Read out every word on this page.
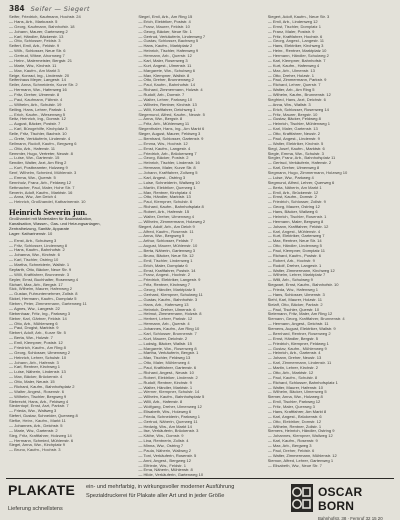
384 Seifer — Siegert
Seifer, Friedrich, Kaufmann, Hochstr. 24
— Hans, Arb., Markusstr. 5
— Georg, Kaufmann, Bahnhofstr. 18
— Johann, Maurer, Gartenweg 2
— Karl, Händler, Bäckerstr. 13
— Otto, Schlosser, Feldstr. 3
Seifert, Emil, Arb., Feldstr. 9
— Wilh., Schlosser, Neue Str. 6
— Gertrud, Witwe, Ahornweg 7
— Heinr., Malermeister, Bergstr. 21
— Marie, Ww., Kirchstr. 11
— Max, Kaufm., Am Markt 3
Seige, Konrad, Ing., Lindenstr. 20
Seifenhaus Meyer, Langestr. 14
Seiler, Anna, Schneiderin, Kurze Str. 2
— Hermann, Ww., Hafenweg 16
— Fritz, Dreher, Ulmenstr. 8
— Paul, Kaufmann, Fährstr. 4
— Wilhelm, Arb., Schulstr. 19
Seiling, Hans, Lehrer, Parkstr. 1
— Erich, Kaufm., Wiesenweg 5
Seitz, Heinrich, Ing., Domstr. 12
— August, Bäcker, Poststr. 7
— Karl, Bürogehilfe, Kirchplatz 3
Selle, Fritz, Tischler, Bachstr. 10
— Grete, Verkäuferin, Lindenstr. 4
Sellmann, Rudolf, Kaufm., Bergweg 6
— Otto, Arb., Hafenstr. 11
Semmler, Hugo, Vertreter, Neustr. 8
— Luise, Ww., Gartenstr. 15
Sendler, Walter, Arzt, Am Ring 2
— Kurt, Postbeamter, Holzweg 9
Senf, Wilhelm, Schmied, Mühlenstr. 3
— Emma, Ww., Querstr. 5
Sennholz, Franz, Arb., Feldweg 12
Settmacher, Paul, Maler, Hohe Str. 7
Severin, Adolf, Kaufm., Marktstr. 16
— Anna, Ww., Am Deich 4
— Heinrich, Großhandel, Katharinenstr. 10
Heinrich Severin jun.
Großhandel mit Materialien für Bauinstallation,
Kanalisation, Wasser-, Gas- und Heizungsanlagen,
Zentralheizung, Sanitär, Apparate
Lager: Katharinenstr. 10
— Ernst, Arb., Schulweg 3
— Fritz, Schlosser, Lindenweg 8
— Hans, Kaufm., Bahnhofstr. 2
— Johanna, Ww., Kirchstr. 6
— Karl, Tischler, Ostring 10
— Martha, Schneiderin, Wallstr. 1
Seyfarth, Otto, Bäcker, Neue Str. 9
— Willi, Kraftfahrer, Brunnenstr. 3
Seyler, Ernst, Buchhalter, Rosenweg 4
Sichart, Max, Arb., Bergstr. 17
Sick, Wilhelm, Maurer, Hafenweg 2
— Gustav, Fuhrunternehmer, Zollstr. 8
Sickel, Hermann, Kaufm., Domplatz 5
Sieben, Peter, Zimmermann, Gartenweg 11
— Agnes, Ww., Langestr. 22
Siebenhaar, Fritz, Ing., Parkweg 3
Sieber, Karl, Gärtner, Feldstr. 14
— Otto, Arb., Mühlenweg 6
— Paul, Drogist, Marktstr. 9
Siebert, Adolf, Arb., Kurze Str. 5
— Berta, Ww., Holzstr. 7
— Emil, Klempner, Poststr. 12
— Friedrich, Kaufm., Am Ring 8
— Georg, Schlosser, Ulmenweg 2
— Heinrich, Lehrer, Schulstr. 10
— Johann, Arb., Hafenstr. 3
— Karl, Rentner, Kirchweg 1
— Luise, Näherin, Lindenstr. 13
— Max, Bäcker, Brückenstr. 4
— Otto, Maler, Neustr. 15
— Richard, Kaufm., Bahnhofsplatz 2
— Walter, Angest., Rosenstr. 6
— Wilhelm, Tischler, Bergweg 9
Siebrecht, Hans, Arb., Feldweg 4
Siedentopf, Ernst, Arzt, Parkstr. 7
— Frieda, Ww., Wallweg 3
Siefert, Gustav, Schneider, Querweg 8
Siefke, Heinr., Kaufm., Markt 11
— Johannes, Arb., Deichstr. 5
— Marie, Ww., Gartenstr. 2
Sieg, Fritz, Kraftfahrer, Holzweg 14
— Hermann, Schmied, Mühlenstr. 6
Siegel, Anna, Ww., Kirchplatz 9
— Bruno, Kaufm., Hochstr. 3
Siegel, Emil, Arb., Am Ring 15
— Erich, Elektriker, Poststr. 4
— Franz, Maurer, Feldstr. 10
— Georg, Bäcker, Neue Str. 1
— Gertrud, Verkäuferin, Lindenweg 7
— Gustav, Schlosser, Bachweg 5
— Hans, Kaufm., Marktplatz 2
— Heinrich, Tischler, Hafenweg 9
— Hermann, Arb., Querstr. 12
— Karl, Maler, Rosenweg 3
— Kurt, Angest., Ulmenstr. 11
— Margarete, Ww., Schulweg 6
— Max, Klempner, Wallstr. 8
— Otto, Dreher, Brunnenweg 2
— Paul, Kaufm., Bahnhofstr. 14
— Richard, Zimmermann, Holzstr. 4
— Rudolf, Arb., Domstr. 7
— Walter, Lehrer, Parkweg 10
— Wilhelm, Rentner, Kirchstr. 13
— Willi, Kraftfahrer, Deichweg 1
Siegemund, Alfred, Kaufm., Neustr. 5
— Anna, Ww., Bergstr. 8
— Fritz, Arb., Mühlenweg 11
Siegenthaler, Hans, Ing., Am Markt 6
Sieger, August, Maurer, Feldweg 3
— Bernhard, Schlosser, Gartenstr. 9
— Emma, Ww., Hochstr. 12
— Ernst, Kaufm., Langestr. 4
— Friedrich, Arb., Brückenweg 7
— Georg, Bäcker, Poststr. 2
— Heinrich, Tischler, Lindenstr. 16
— Hermann, Maler, Kurze Str. 8
— Johann, Kraftfahrer, Zollweg 5
— Karl, Angest., Ostring 3
— Luise, Schneiderin, Wallweg 10
— Martin, Elektriker, Querweg 1
— Max, Rentner, Kirchplatz 4
— Otto, Händler, Marktstr. 13
— Paul, Klempner, Schulstr. 6
— Richard, Kaufm., Bahnhofsplatz 8
— Robert, Arb., Hafenstr. 15
— Walter, Dreher, Ulmenweg 4
— Wilhelm, Zimmermann, Holzweg 2
Siegert, Adolf, Arb., Am Deich 9
— Alfred, Kaufm., Rosenstr. 11
— Anna, Ww., Bergweg 5
— Arthur, Schlosser, Feldstr. 7
— August, Maurer, Mühlenstr. 10
— Berta, Näherin, Gartenweg 3
— Bruno, Bäcker, Neue Str. 12
— Emil, Tischler, Lindenweg 1
— Erich, Maler, Domplatz 6
— Ernst, Kraftfahrer, Poststr. 14
— Franz, Angest., Hochstr. 2
— Friedrich, Elektriker, Langestr. 9
— Fritz, Rentner, Kirchweg 7
— Georg, Händler, Marktplatz 5
— Gerhard, Klempner, Schulweg 11
— Gustav, Kaufm., Bahnhofstr. 3
— Hans, Arb., Hafenweg 13
— Heinrich, Dreher, Ulmenstr. 6
— Helmut, Zimmermann, Holzstr. 8
— Herbert, Lehrer, Parkstr. 12
— Hermann, Arb., Querstr. 4
— Johannes, Kaufm., Am Ring 10
— Karl, Schlosser, Brunnenstr. 7
— Kurt, Maurer, Deichstr. 2
— Ludwig, Bäcker, Wallstr. 15
— Margarete, Ww., Rosenweg 8
— Martha, Verkäuferin, Bergstr. 1
— Max, Tischler, Feldweg 13
— Otto, Maler, Mühlenweg 4
— Paul, Kraftfahrer, Gartenstr. 6
— Richard, Angest., Neustr. 10
— Robert, Elektriker, Lindenstr. 2
— Rudolf, Rentner, Kirchstr. 9
— Walter, Händler, Marktstr. 1
— Werner, Klempner, Schulstr. 14
— Wilhelm, Kaufm., Bahnhofsplatz 5
— Willi, Arb., Hafenstr. 8
— Wolfgang, Dreher, Ulmenweg 12
— Elisabeth, Ww., Holzweg 6
— Frieda, Schneiderin, Parkweg 1
— Gertrud, Näherin, Querweg 11
— Hedwig, Ww., Am Markt 14
— Ilse, Verkäuferin, Brückenstr. 3
— Käthe, Ww., Domstr. 9
— Lina, Rentnerin, Zollstr. 4
— Minna, Ww., Ostring 7
— Paula, Näherin, Wallweg 2
— Toni, Verkäuferin, Rosenstr. 5
— Anni, Angest., Bergweg 12
— Elfriede, Ww., Feldstr. 1
— Erna, Näherin, Mühlenstr. 8
— Hilde, Verkäuferin, Gartenweg 10
Siegert, Adolf, Kaufm., Neue Str. 3
— Emil, Arb., Lindenweg 12
— Ernst, Tischler, Domplatz 1
— Franz, Maler, Poststr. 9
— Fritz, Kraftfahrer, Hochstr. 6
— Georg, Angest., Langestr. 11
— Hans, Elektriker, Kirchweg 3
— Heinr., Rentner, Marktplatz 10
— Hermann, Händler, Schulweg 2
— Karl, Klempner, Bahnhofstr. 7
— Kurt, Kaufm., Hafenweg 4
— Max, Arb., Ulmenstr. 13
— Otto, Dreher, Holzstr. 1
— Paul, Zimmermann, Parkstr. 9
— Richard, Lehrer, Querstr. 7
— Walter, Arb., Am Ring 5
— Wilhelm, Kaufm., Brunnenstr. 12
Siegfried, Hans, Arzt, Deichstr. 6
— Anna, Ww., Wallstr. 3
— Erich, Schlosser, Rosenweg 14
— Fritz, Maurer, Bergstr. 10
— Gustav, Bäcker, Feldweg 8
— Heinrich, Tischler, Mühlenweg 1
— Karl, Maler, Gartenstr. 13
— Otto, Kraftfahrer, Neustr. 2
— Paul, Angest., Lindenstr. 9
— Walter, Elektriker, Kirchstr. 5
Siegl, Josef, Kaufm., Marktstr. 6
Siegle, Emma, Ww., Schulstr. 3
Siegler, Franz, Arb., Bahnhofsplatz 11
— Gertrud, Verkäuferin, Hafenstr. 2
— Karl, Dreher, Ulmenweg 8
Siegmann, Hugo, Zimmermann, Holzweg 10
— Luise, Ww., Parkweg 4
Siegmund, Alfred, Lehrer, Querweg 6
— Berta, Näherin, Am Markt 1
— Emil, Arb., Brückenstr. 12
— Ernst, Kaufm., Domstr. 2
— Friedrich, Schlosser, Zollstr. 9
— Georg, Maurer, Ostring 12
— Hans, Bäcker, Wallweg 6
— Heinrich, Tischler, Rosenstr. 1
— Hermann, Maler, Bergweg 8
— Johann, Kraftfahrer, Feldstr. 12
— Karl, Angest., Mühlenstr. 4
— Kurt, Elektriker, Gartenweg 7
— Max, Rentner, Neue Str. 14
— Otto, Händler, Lindenweg 5
— Paul, Klempner, Domplatz 11
— Richard, Kaufm., Poststr. 6
— Robert, Arb., Hochstr. 9
— Rudolf, Dreher, Langestr. 1
— Walter, Zimmermann, Kirchweg 12
— Wilhelm, Lehrer, Marktplatz 7
— Willi, Arb., Schulweg 9
Siegwart, Ernst, Kaufm., Bahnhofstr. 10
— Frieda, Ww., Hafenweg 1
— Hans, Schlosser, Ulmenstr. 3
Siehl, Karl, Maurer, Holzstr. 11
Sielaff, Otto, Bäcker, Parkstr. 2
— Paul, Tischler, Querstr. 10
Sielemann, Fritz, Maler, Am Ring 12
Siemann, Georg, Kraftfahrer, Brunnenstr. 4
— Hermann, Angest., Deichstr. 11
Siemens, August, Elektriker, Wallstr. 9
— Bernhard, Rentner, Rosenweg 2
— Ernst, Händler, Bergstr. 5
— Friedrich, Klempner, Feldweg 1
— Gustav, Kaufm., Mühlenweg 9
— Heinrich, Arb., Gartenstr. 4
— Johann, Dreher, Neustr. 13
— Karl, Zimmermann, Lindenstr. 11
— Martin, Lehrer, Kirchstr. 2
— Otto, Arb., Marktstr. 12
— Paul, Kaufm., Schulstr. 8
— Richard, Schlosser, Bahnhofsplatz 1
— Walter, Maurer, Hafenstr. 10
— Wilhelm, Bäcker, Ulmenweg 5
Siemer, Anna, Ww., Holzweg 8
— Emil, Tischler, Parkweg 12
— Fritz, Maler, Querweg 3
— Hans, Kraftfahrer, Am Markt 8
— Karl, Angest., Brückenstr. 6
— Otto, Elektriker, Domstr. 12
— Wilhelm, Rentner, Zollstr. 1
Siemers, Heinrich, Händler, Ostring 9
— Johannes, Klempner, Wallweg 12
— Karl, Kaufm., Rosenstr. 9
— Max, Arb., Bergweg 3
— Paul, Dreher, Feldstr. 6
— Walter, Zimmermann, Mühlenstr. 12
Siemon, Alfred, Lehrer, Gartenweg 1
— Elisabeth, Ww., Neue Str. 7
PLAKATE
Lieferung schnellstens
ein- und mehrfarbig, in wirkungsvoller moderner Ausführung
Spezialdruckerei für Plakate aller Art und in jeder Größe	OSCAR BORN
Bahnhofstr. 38 · Fernruf 32 15 20
